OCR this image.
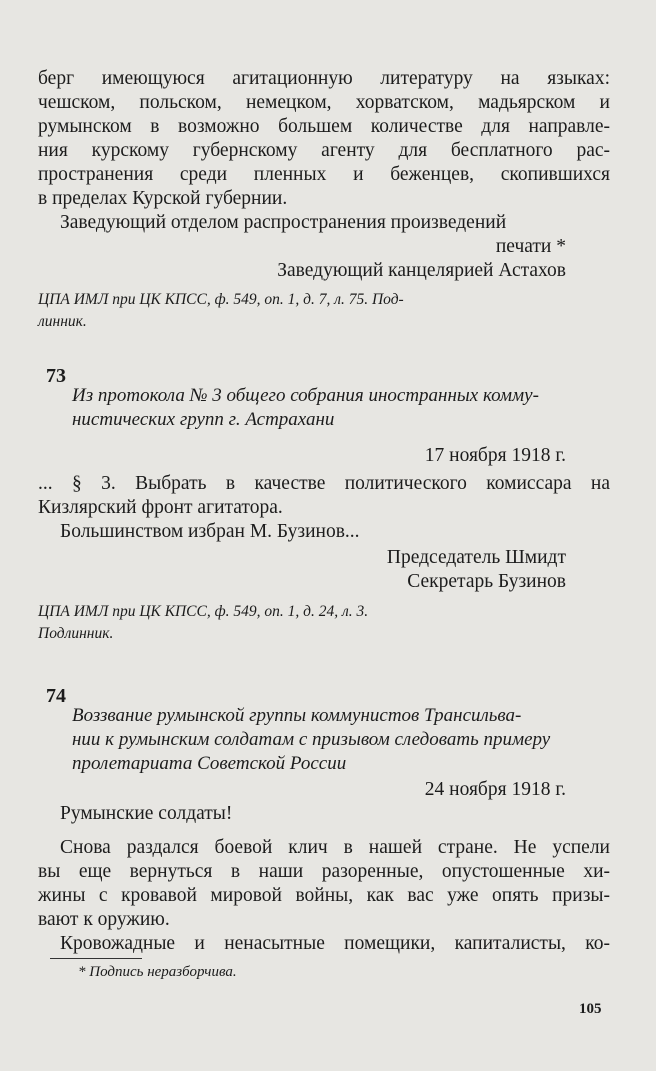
берг имеющуюся агитационную литературу на языках:
чешском, польском, немецком, хорватском, мадьярском и
румынском в возможно большем количестве для направле-
ния курскому губернскому агенту для бесплатного рас-
пространения среди пленных и беженцев, скопившихся
в пределах Курской губернии.
Заведующий отделом распространения произведений
печати *
Заведующий канцелярией Астахов
ЦПА ИМЛ при ЦК КПСС, ф. 549, оп. 1, д. 7, л. 75. Под-
линник.
73
Из протокола № 3 общего собрания иностранных комму-
нистических групп г. Астрахани
17 ноября 1918 г.
... § 3. Выбрать в качестве политического комиссара на
Кизлярский фронт агитатора.
Большинством избран М. Бузинов...
Председатель Шмидт
Секретарь Бузинов
ЦПА ИМЛ при ЦК КПСС, ф. 549, оп. 1, д. 24, л. 3.
Подлинник.
74
Воззвание румынской группы коммунистов Трансильва-
нии к румынским солдатам с призывом следовать примеру
пролетариата Советской России
24 ноября 1918 г.
Румынские солдаты!
Снова раздался боевой клич в нашей стране. Не успели
вы еще вернуться в наши разоренные, опустошенные хи-
жины с кровавой мировой войны, как вас уже опять призы-
вают к оружию.
Кровожадные и ненасытные помещики, капиталисты, ко-
* Подпись неразборчива.
105
